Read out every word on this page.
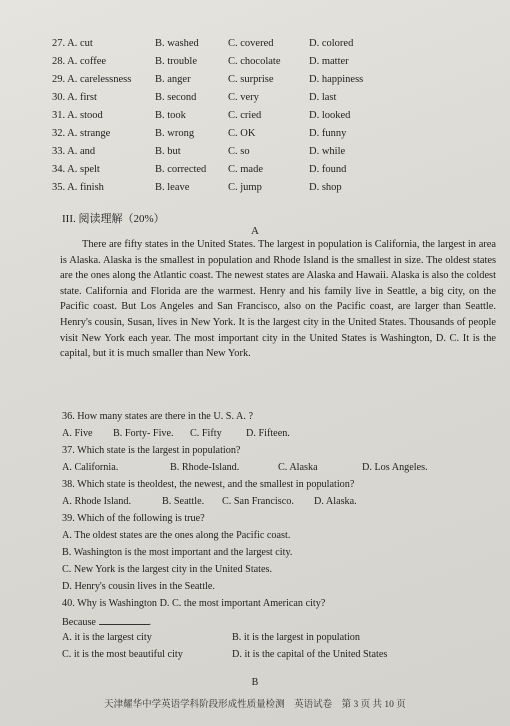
27. A. cut	B. washed	C. covered	D. colored
28. A. coffee	B. trouble	C. chocolate	D. matter
29. A. carelessness B. anger	C. surprise	D. happiness
30. A. first	B. second	C. very	D. last
31. A. stood	B. took	C. cried	D. looked
32. A. strange	B. wrong	C. OK	D. funny
33. A. and	B. but	C. so	D. while
34. A. spelt	B. corrected C. made	D. found
35. A. finish	B. leave	C. jump	D. shop
III. 阅读理解（20%）
A

There are fifty states in the United States. The largest in population is California, the largest in area is Alaska. Alaska is the smallest in population and Rhode Island is the smallest in size. The oldest states are the ones along the Atlantic coast. The newest states are Alaska and Hawaii. Alaska is also the coldest state. California and Florida are the warmest. Henry and his family live in Seattle, a big city, on the Pacific coast. But Los Angeles and San Francisco, also on the Pacific coast, are larger than Seattle. Henry's cousin, Susan, lives in New York. It is the largest city in the United States. Thousands of people visit New York each year. The most important city in the United States is Washington, D. C. It is the capital, but it is much smaller than New York.

36. How many states are there in the U. S. A. ?
A. Five B. Forty- Five. C. Fifty D. Fifteen.
37. Which state is the largest in population?
A. California.	B. Rhode-Island.	C. Alaska	D. Los Angeles.
38. Which state is theoldest, the newest, and the smallest in population?
A. Rhode Island.	B. Seattle. C. San Francisco. D. Alaska.
39. Which of the following is true?
A. The oldest states are the ones along the Pacific coast.
B. Washington is the most important and the largest city.
C. New York is the largest city in the United States.
D. Henry's cousin lives in the Seattle.
40. Why is Washington D. C. the most important American city?
Because	.
A. it is the largest city	B. it is the largest in population
C. it is the most beautiful city	D. it is the capital of the United States
B
天津耀华中学英语学科阶段形成性质量检测　英语试卷　第 3 页 共 10 页
